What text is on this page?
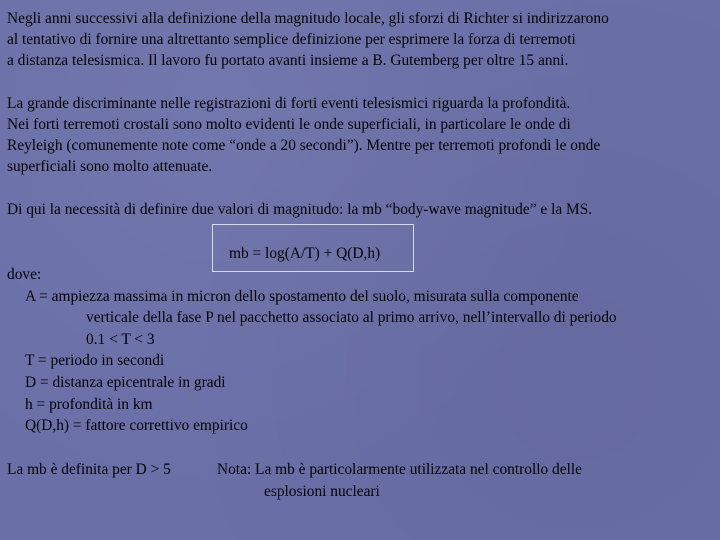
Negli anni successivi alla definizione della magnitudo locale, gli sforzi di Richter si indirizzarono

al tentativo di fornire una altrettanto semplice definizione per esprimere la forza di terremoti

a distanza telesismica. Il lavoro fu portato avanti insieme a B. Gutemberg per oltre 15 anni.

La grande discriminante nelle registrazioni di forti eventi telesismici riguarda la profondità.

Nei forti terremoti crostali sono molto evidenti le onde superficiali, in particolare le onde di

Reyleigh (comunemente note come “onde a 20 secondi”). Mentre per terremoti profondi le onde

superficiali sono molto attenuate.

Di qui la necessità di definire due valori di magnitudo: la mb “body-wave magnitude” e la MS.

mb = log(A/T) + Q(D,h)

dove:

A = ampiezza massima in micron dello spostamento del suolo, misurata sulla componente

verticale della fase P nel pacchetto associato al primo arrivo, nell’intervallo di periodo

0.1 < T < 3

T = periodo in secondi

D = distanza epicentrale in gradi

h = profondità in km

Q(D,h) = fattore correttivo empirico

La mb è definita per D > 5	Nota: La mb è particolarmente utilizzata nel controllo delle

esplosioni nucleari
